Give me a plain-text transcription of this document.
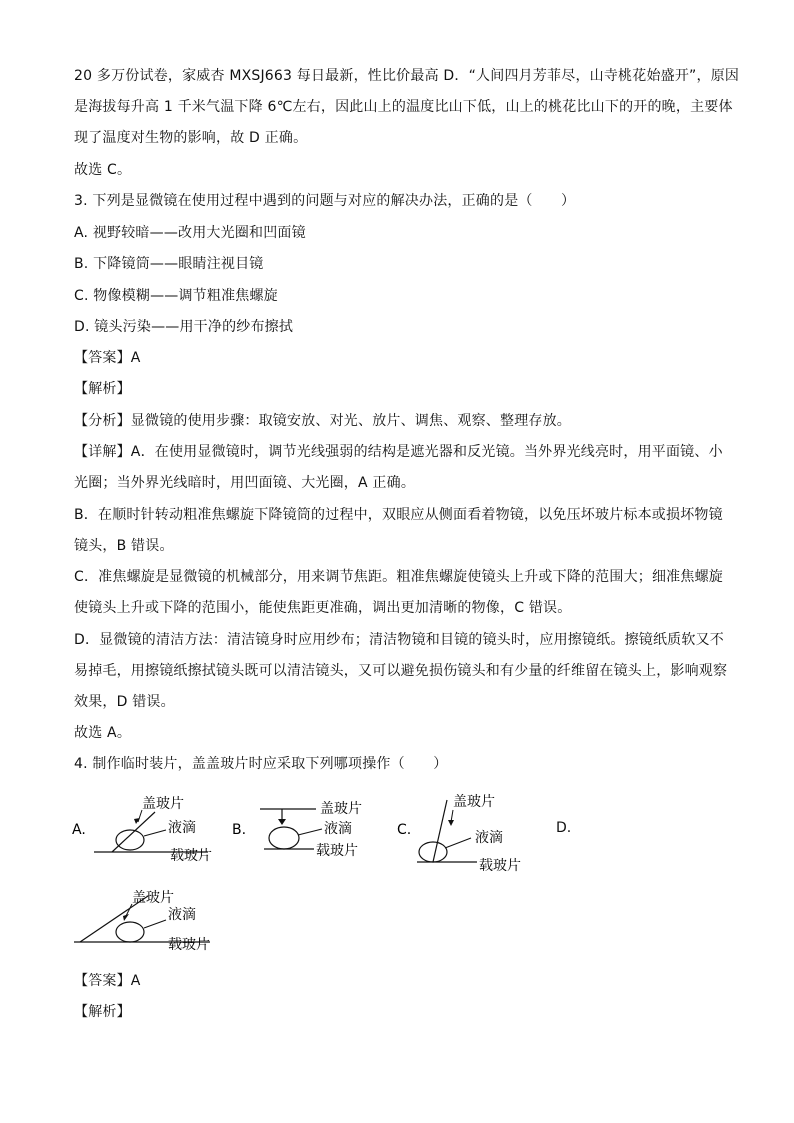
20 多万份试卷，家威杏 MXSJ663 每日最新，性比价最高 D．“人间四月芳菲尽，山寺桃花始盛开”，原因
是海拔每升高 1 千米气温下降 6℃左右，因此山上的温度比山下低，山上的桃花比山下的开的晚，主要体
现了温度对生物的影响，故 D 正确。
故选 C。
3. 下列是显微镜在使用过程中遇到的问题与对应的解决办法，正确的是（　　）
A. 视野较暗——改用大光圈和凹面镜
B. 下降镜筒——眼睛注视目镜
C. 物像模糊——调节粗准焦螺旋
D. 镜头污染——用干净的纱布擦拭
【答案】A
【解析】
【分析】显微镜的使用步骤：取镜安放、对光、放片、调焦、观察、整理存放。
【详解】A．在使用显微镜时，调节光线强弱的结构是遮光器和反光镜。当外界光线亮时，用平面镜、小
光圈；当外界光线暗时，用凹面镜、大光圈，A 正确。
B．在顺时针转动粗准焦螺旋下降镜筒的过程中，双眼应从侧面看着物镜，以免压坏玻片标本或损坏物镜
镜头，B 错误。
C．准焦螺旋是显微镜的机械部分，用来调节焦距。粗准焦螺旋使镜头上升或下降的范围大；细准焦螺旋
使镜头上升或下降的范围小，能使焦距更准确，调出更加清晰的物像，C 错误。
D．显微镜的清洁方法：清洁镜身时应用纱布；清洁物镜和目镜的镜头时，应用擦镜纸。擦镜纸质软又不
易掉毛，用擦镜纸擦拭镜头既可以清洁镜头，又可以避免损伤镜头和有少量的纤维留在镜头上，影响观察
效果，D 错误。
故选 A。
4. 制作临时装片，盖盖玻片时应采取下列哪项操作（　　）
【答案】A
【解析】
A.
盖玻片
液滴
载玻片
B.
盖玻片
液滴
载玻片
C.
盖玻片
液滴
载玻片
D.
盖玻片
液滴
载玻片
